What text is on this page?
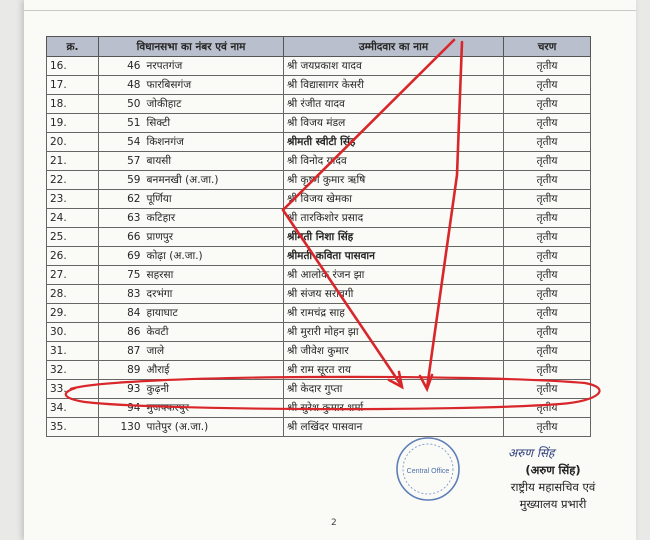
क्र.	विधानसभा का नंबर एवं नाम		उम्मीदवार का नाम	चरण
16.	46	नरपतगंज	श्री जयप्रकाश यादव	तृतीय
17.	48	फारबिसगंज	श्री विद्यासागर केसरी	तृतीय
18.	50	जोकीहाट	श्री रंजीत यादव	तृतीय
19.	51	सिक्टी	श्री विजय मंडल	तृतीय
20.	54	किशनगंज	श्रीमती स्वीटी सिंह	तृतीय
21.	57	बायसी	श्री विनोद यादव	तृतीय
22.	59	बनमनखी (अ.जा.)	श्री कृष्ण कुमार ऋषि	तृतीय
23.	62	पूर्णिया	श्री विजय खेमका	तृतीय
24.	63	कटिहार	श्री तारकिशोर प्रसाद	तृतीय
25.	66	प्राणपुर	श्रीमती निशा सिंह	तृतीय
26.	69	कोढ़ा (अ.जा.)	श्रीमती कविता पासवान	तृतीय
27.	75	सहरसा	श्री आलोक रंजन झा	तृतीय
28.	83	दरभंगा	श्री संजय सरावगी	तृतीय
29.	84	हायाघाट	श्री रामचंद्र साह	तृतीय
30.	86	केवटी	श्री मुरारी मोहन झा	तृतीय
31.	87	जाले	श्री जीवेश कुमार	तृतीय
32.	89	औराई	श्री राम सूरत राय	तृतीय
33.	93	कुढ़नी	श्री केदार गुप्ता	तृतीय
34.	94	मुजफ्फरपुर	श्री सुरेश कुमार शर्मा	तृतीय
35.	130	पातेपुर (अ.जा.)	श्री लखिंदर पासवान	तृतीय
Central Office
अरुण सिंह
(अरुण सिंह)
राष्ट्रीय महासचिव एवं
मुख्यालय प्रभारी
2
